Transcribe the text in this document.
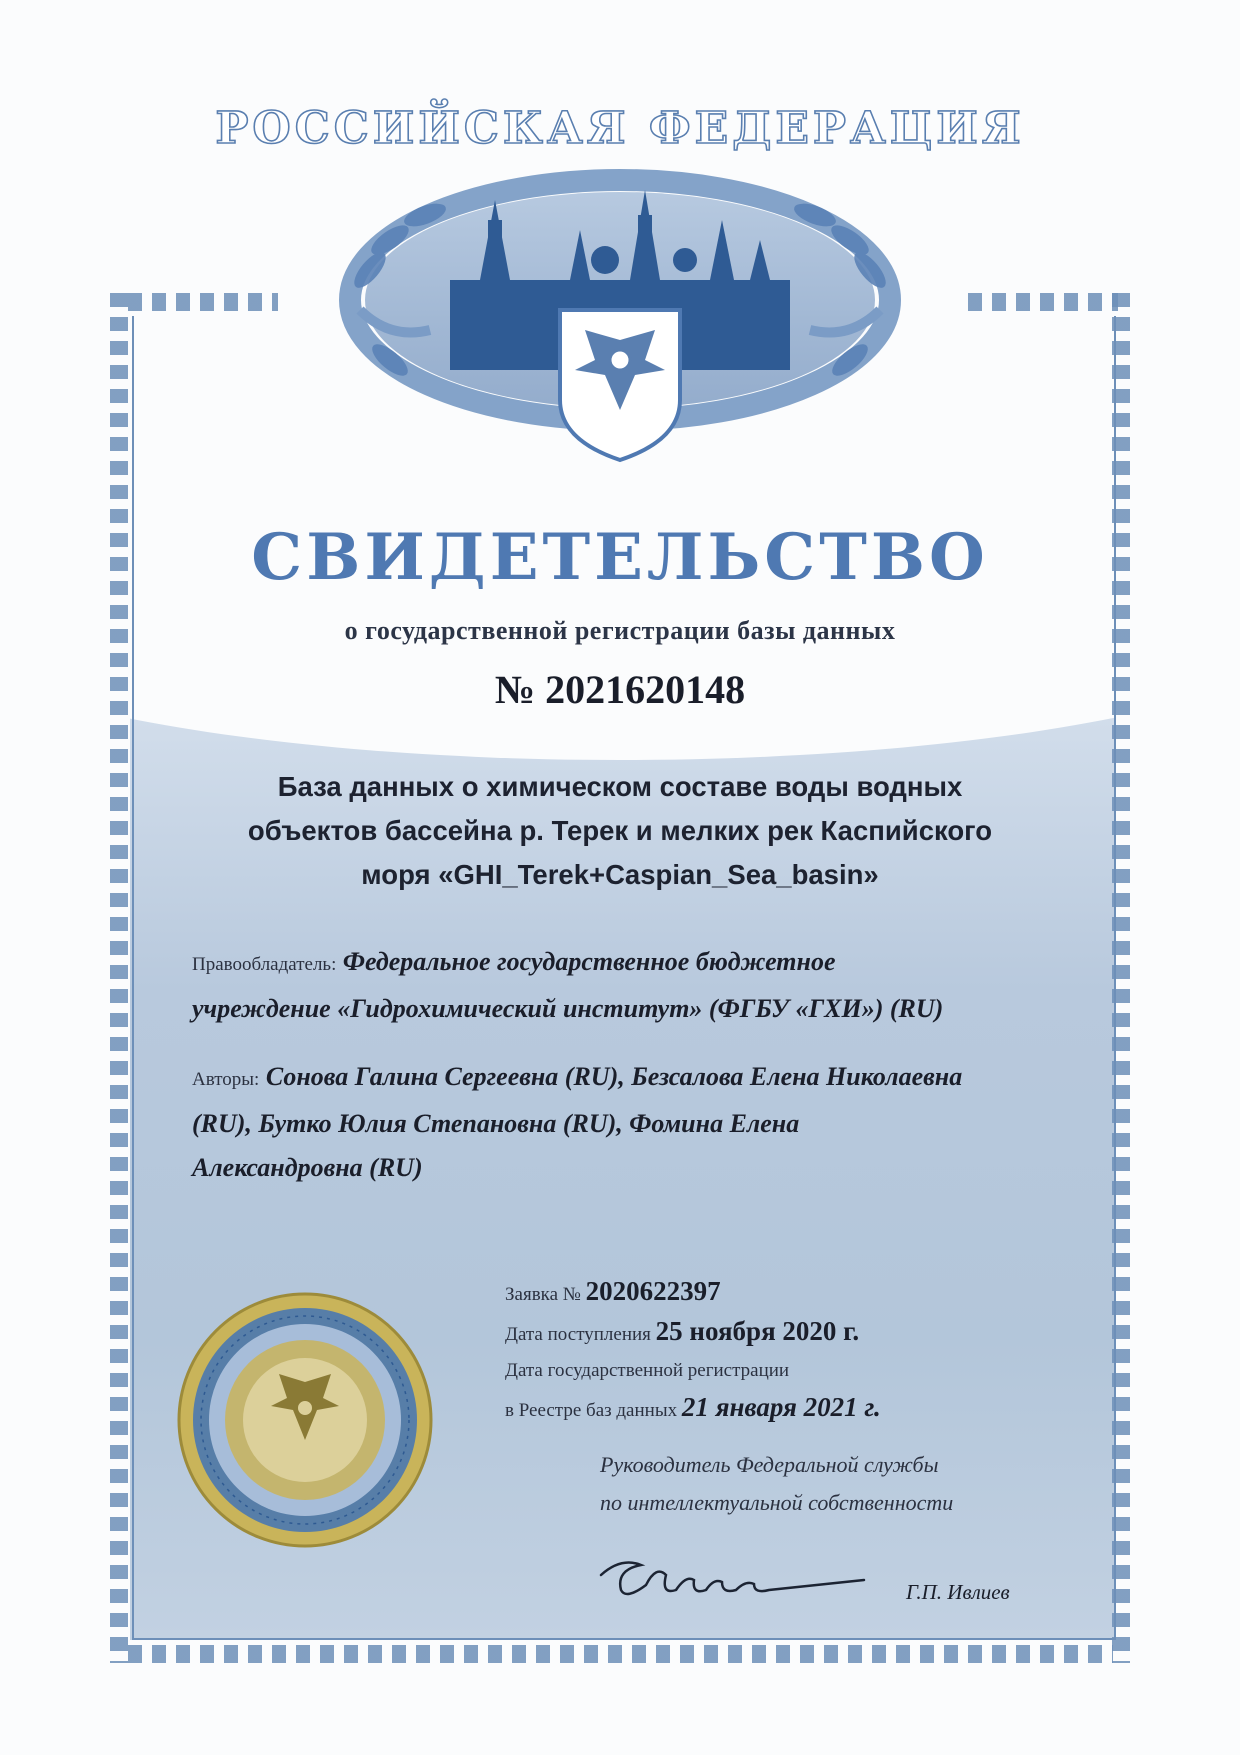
РОССИЙСКАЯ ФЕДЕРАЦИЯ
СВИДЕТЕЛЬСТВО
о государственной регистрации базы данных
№ 2021620148
База данных о химическом составе воды водных
объектов бассейна р. Терек и мелких рек Каспийского
моря «GHI_Terek+Caspian_Sea_basin»
Правообладатель: Федеральное государственное бюджетное
учреждение «Гидрохимический институт» (ФГБУ «ГХИ») (RU)
Авторы: Сонова Галина Сергеевна (RU), Безсалова Елена Николаевна
(RU), Бутко Юлия Степановна (RU), Фомина Елена
Александровна (RU)
Заявка № 2020622397
Дата поступления 25 ноября 2020 г.
Дата государственной регистрации
в Реестре баз данных 21 января 2021 г.
Руководитель Федеральной службы
по интеллектуальной собственности
Г.П. Ивлиев
